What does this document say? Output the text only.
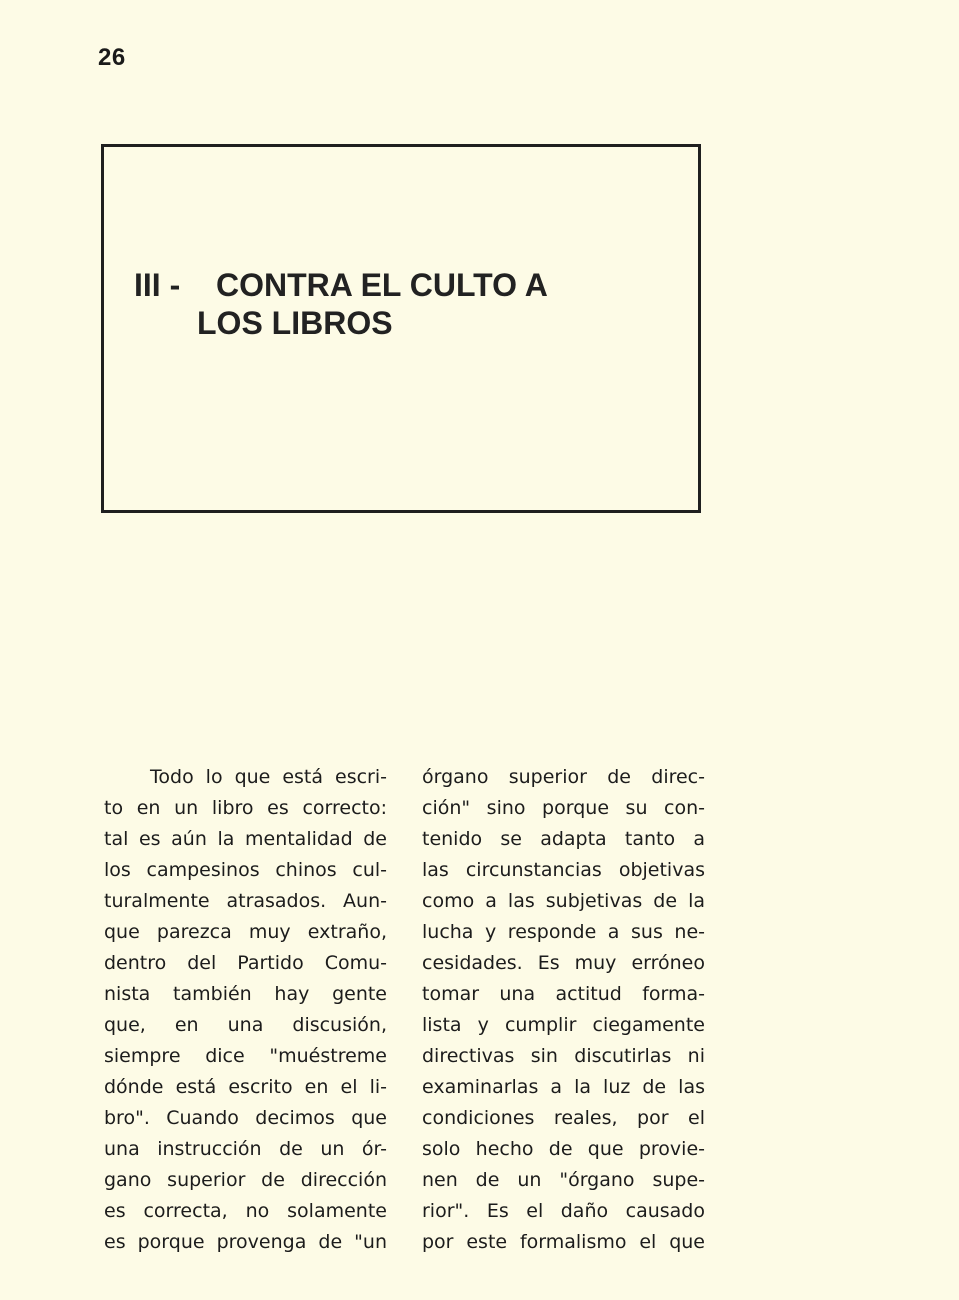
26
III - CONTRA EL CULTO A
LOS LIBROS
Todo lo que está escri-
to en un libro es correcto:
tal es aún la mentalidad de
los campesinos chinos cul-
turalmente atrasados. Aun-
que parezca muy extraño,
dentro del Partido Comu-
nista también hay gente
que, en una discusión,
siempre dice "muéstreme
dónde está escrito en el li-
bro". Cuando decimos que
una instrucción de un ór-
gano superior de dirección
es correcta, no solamente
es porque provenga de "un
órgano superior de direc-
ción" sino porque su con-
tenido se adapta tanto a
las circunstancias objetivas
como a las subjetivas de la
lucha y responde a sus ne-
cesidades. Es muy erróneo
tomar una actitud forma-
lista y cumplir ciegamente
directivas sin discutirlas ni
examinarlas a la luz de las
condiciones reales, por el
solo hecho de que provie-
nen de un "órgano supe-
rior". Es el daño causado
por este formalismo el que
